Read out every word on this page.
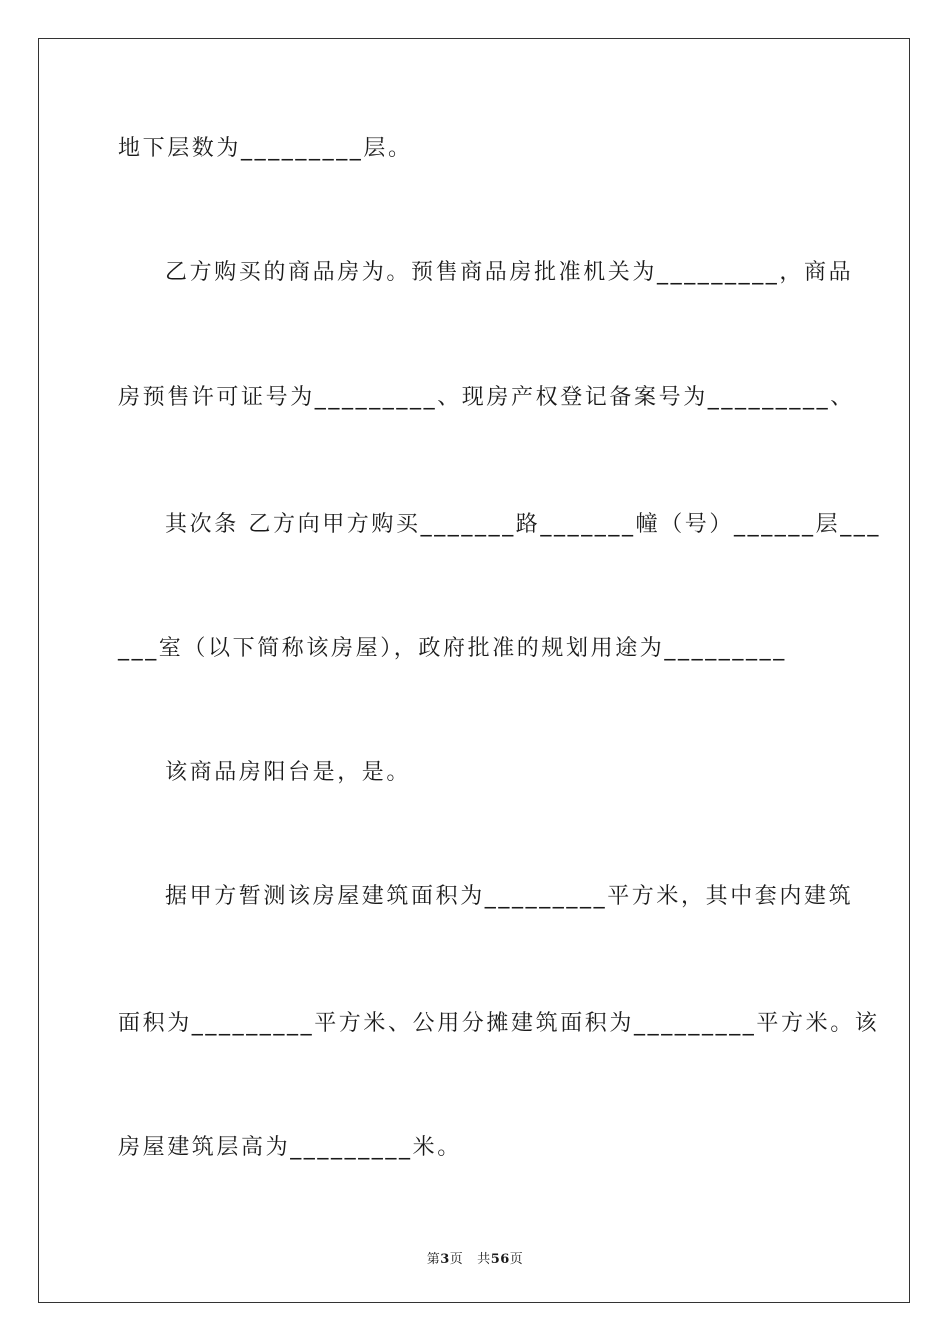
地下层数为_________层。
乙方购买的商品房为。预售商品房批准机关为_________，商品
房预售许可证号为_________、现房产权登记备案号为_________、
其次条 乙方向甲方购买_______路_______幢（号）______层___
___室（以下简称该房屋），政府批准的规划用途为_________
该商品房阳台是，是。
据甲方暂测该房屋建筑面积为_________平方米，其中套内建筑
面积为_________平方米、公用分摊建筑面积为_________平方米。该
房屋建筑层高为_________米。
第3页 共56页
